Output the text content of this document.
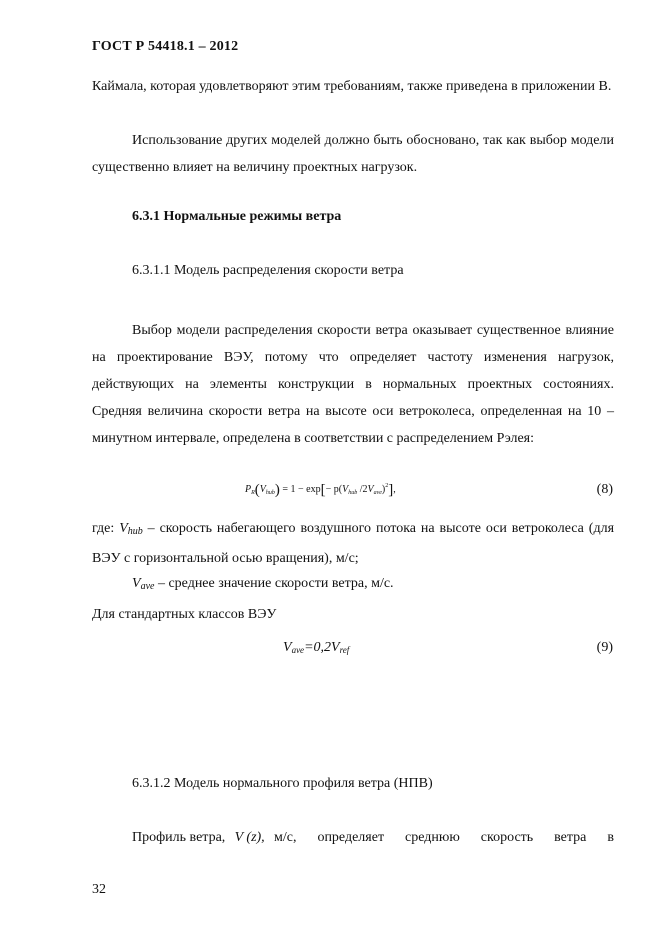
ГОСТ Р 54418.1 – 2012

Каймала, которая удовлетворяют этим требованиям, также приведена в приложении В.

Использование других моделей должно быть обосновано, так как выбор модели существенно влияет на величину проектных нагрузок.

6.3.1 Нормальные режимы ветра

6.3.1.1 Модель распределения скорости ветра

Выбор модели распределения скорости ветра оказывает существенное влияние на проектирование ВЭУ, потому что определяет частоту изменения нагрузок, действующих на элементы конструкции в нормальных проектных состояниях. Средняя величина скорости ветра на высоте оси ветроколеса, определенная на 10 – минутном интервале, определена в соответствии с распределением Рэлея:

$P_R(V_{hub}) = 1 - \exp[- p(V_{hub}$ $/2V_{ave})^2$],	(8)

где: Vhub – скорость набегающего воздушного потока на высоте оси ветроколеса (для ВЭУ с горизонтальной осью вращения), м/с;

Vave – среднее значение скорости ветра, м/с.

Для стандартных классов ВЭУ

$V_{ave}=0,2V_{ref}$	(9)

6.3.1.2 Модель нормального профиля ветра (НПВ)

Профиль ветра, V (z), м/с, определяет среднюю скорость ветра в

32
